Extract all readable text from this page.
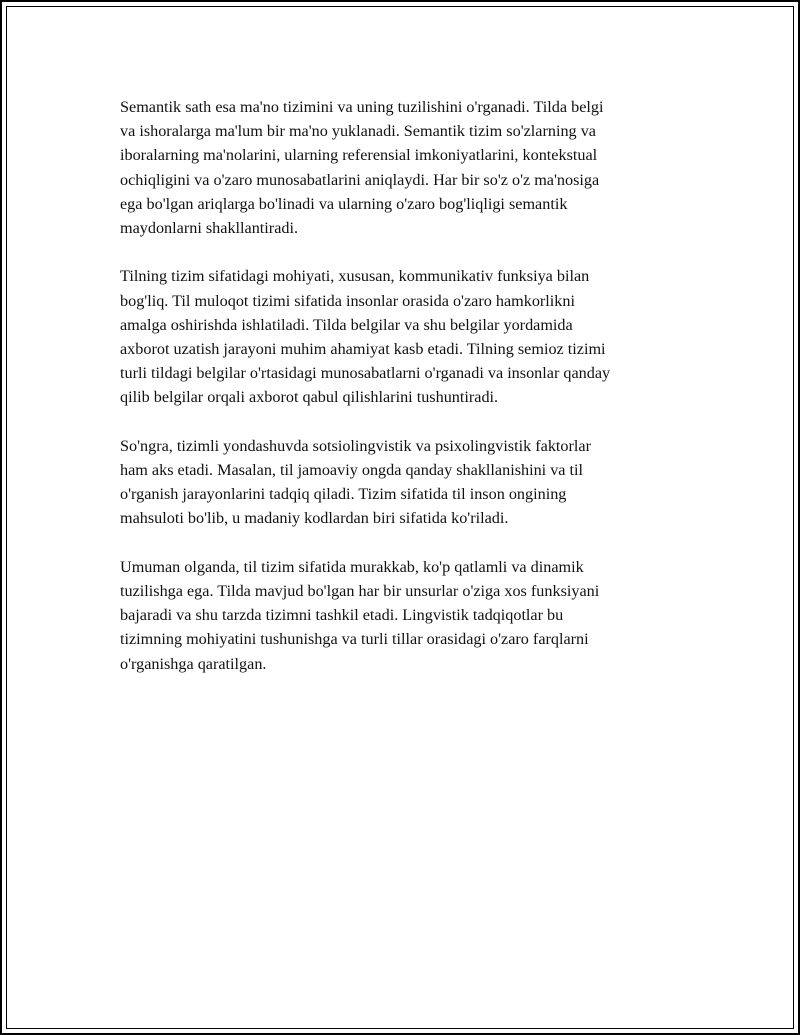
Semantik sath esa ma'no tizimini va uning tuzilishini o'rganadi. Tilda belgi
va ishoralarga ma'lum bir ma'no yuklanadi. Semantik tizim so'zlarning va
iboralarning ma'nolarini, ularning referensial imkoniyatlarini, kontekstual
ochiqligini va o'zaro munosabatlarini aniqlaydi. Har bir so'z o'z ma'nosiga
ega bo'lgan ariqlarga bo'linadi va ularning o'zaro bog'liqligi semantik
maydonlarni shakllantiradi.

Tilning tizim sifatidagi mohiyati, xususan, kommunikativ funksiya bilan
bog'liq. Til muloqot tizimi sifatida insonlar orasida o'zaro hamkorlikni
amalga oshirishda ishlatiladi. Tilda belgilar va shu belgilar yordamida
axborot uzatish jarayoni muhim ahamiyat kasb etadi. Tilning semioz tizimi
turli tildagi belgilar o'rtasidagi munosabatlarni o'rganadi va insonlar qanday
qilib belgilar orqali axborot qabul qilishlarini tushuntiradi.

So'ngra, tizimli yondashuvda sotsiolingvistik va psixolingvistik faktorlar
ham aks etadi. Masalan, til jamoaviy ongda qanday shakllanishini va til
o'rganish jarayonlarini tadqiq qiladi. Tizim sifatida til inson ongining
mahsuloti bo'lib, u madaniy kodlardan biri sifatida ko'riladi.

Umuman olganda, til tizim sifatida murakkab, ko'p qatlamli va dinamik
tuzilishga ega. Tilda mavjud bo'lgan har bir unsurlar o'ziga xos funksiyani
bajaradi va shu tarzda tizimni tashkil etadi. Lingvistik tadqiqotlar bu
tizimning mohiyatini tushunishga va turli tillar orasidagi o'zaro farqlarni
o'rganishga qaratilgan.
